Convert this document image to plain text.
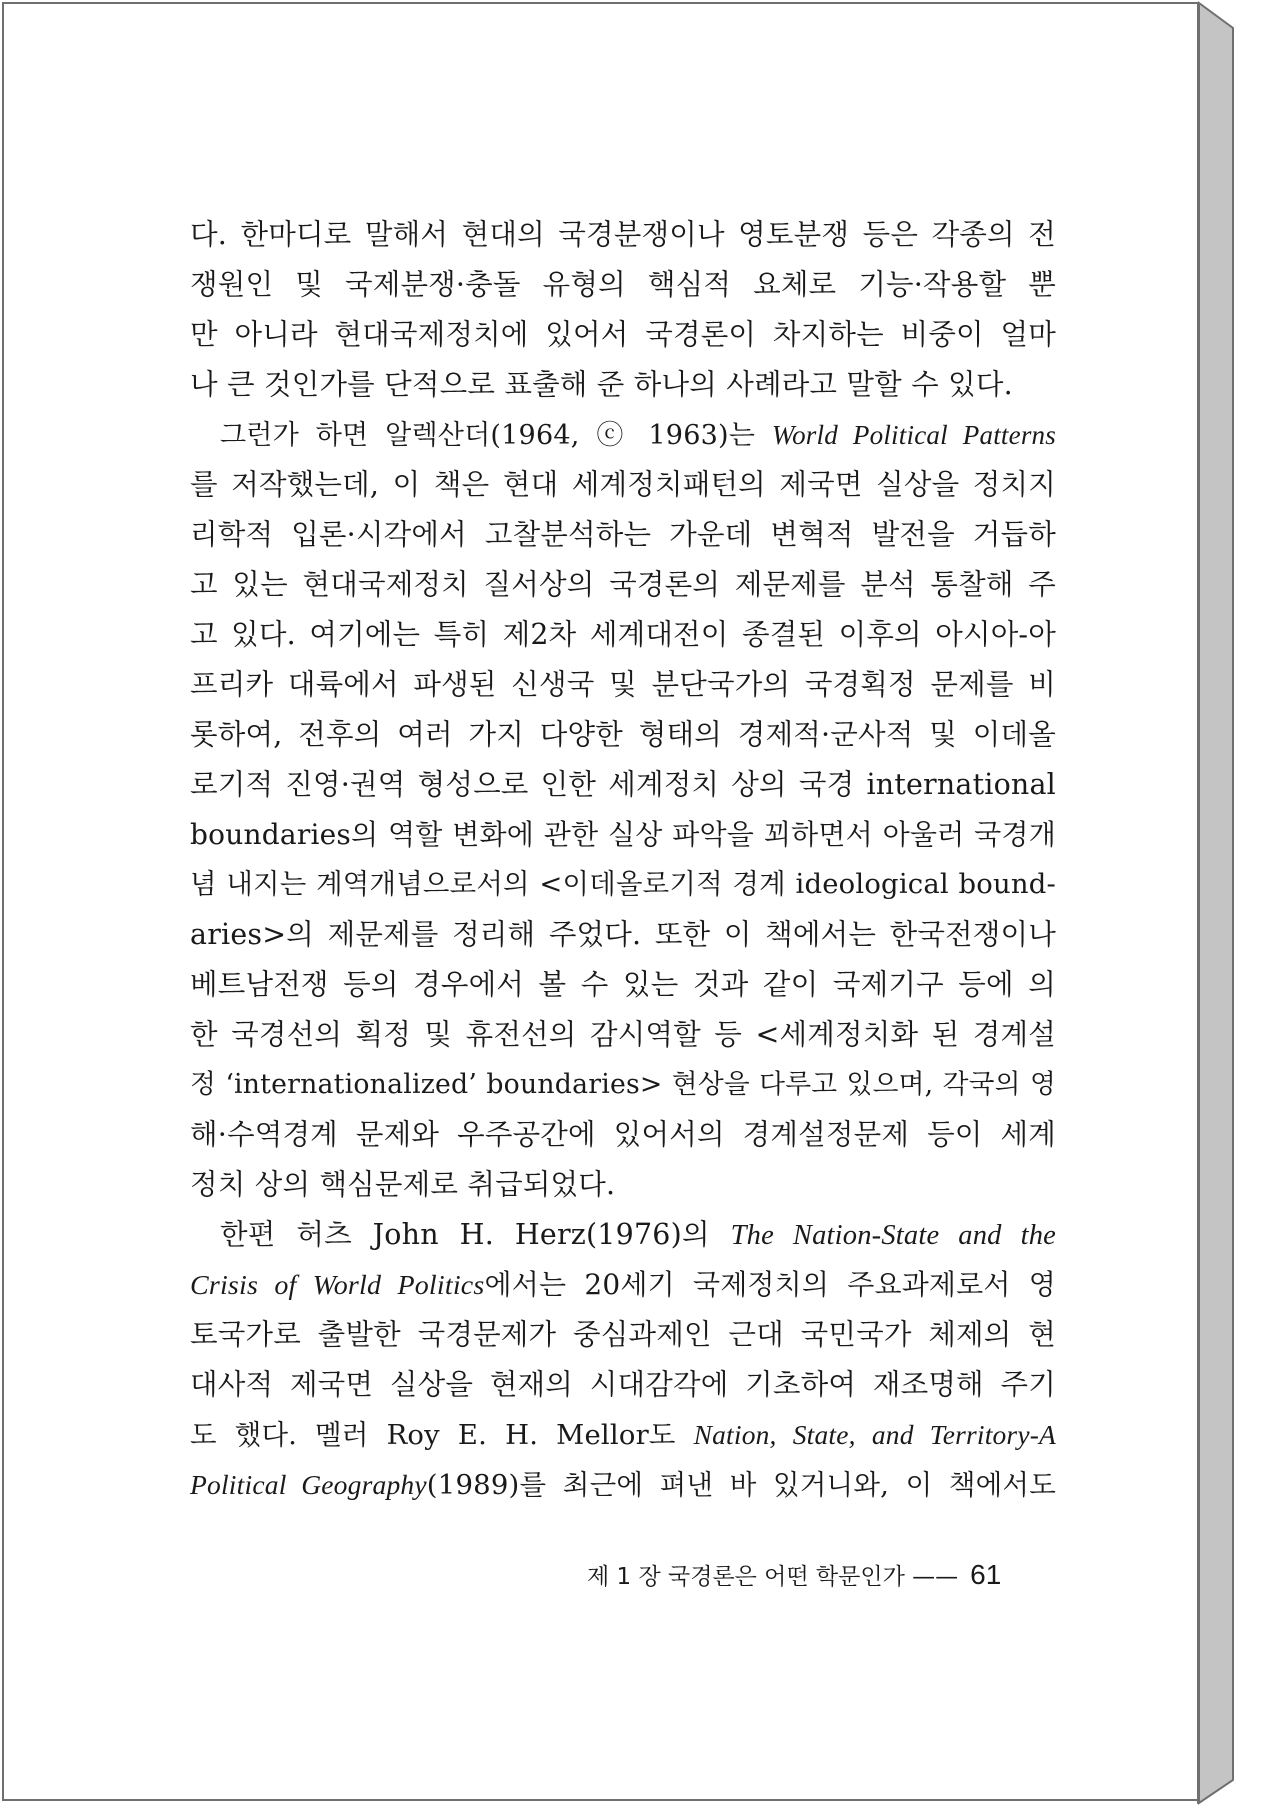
다. 한마디로 말해서 현대의 국경분쟁이나 영토분쟁 등은 각종의 전
쟁원인 및 국제분쟁·충돌 유형의 핵심적 요체로 기능·작용할 뿐
만 아니라 현대국제정치에 있어서 국경론이 차지하는 비중이 얼마
나 큰 것인가를 단적으로 표출해 준 하나의 사례라고 말할 수 있다.
그런가 하면 알렉산더(1964, ⓒ 1963)는 World Political Patterns
를 저작했는데, 이 책은 현대 세계정치패턴의 제국면 실상을 정치지
리학적 입론·시각에서 고찰분석하는 가운데 변혁적 발전을 거듭하
고 있는 현대국제정치 질서상의 국경론의 제문제를 분석 통찰해 주
고 있다. 여기에는 특히 제2차 세계대전이 종결된 이후의 아시아-아
프리카 대륙에서 파생된 신생국 및 분단국가의 국경획정 문제를 비
롯하여, 전후의 여러 가지 다양한 형태의 경제적·군사적 및 이데올
로기적 진영·권역 형성으로 인한 세계정치 상의 국경 international
boundaries의 역할 변화에 관한 실상 파악을 꾀하면서 아울러 국경개
념 내지는 계역개념으로서의 <이데올로기적 경계 ideological bound-
aries>의 제문제를 정리해 주었다. 또한 이 책에서는 한국전쟁이나
베트남전쟁 등의 경우에서 볼 수 있는 것과 같이 국제기구 등에 의
한 국경선의 획정 및 휴전선의 감시역할 등 <세계정치화 된 경계설
정 ‘internationalized’ boundaries> 현상을 다루고 있으며, 각국의 영
해·수역경계 문제와 우주공간에 있어서의 경계설정문제 등이 세계
정치 상의 핵심문제로 취급되었다.
한편 허츠 John H. Herz(1976)의 The Nation-State and the
Crisis of World Politics에서는 20세기 국제정치의 주요과제로서 영
토국가로 출발한 국경문제가 중심과제인 근대 국민국가 체제의 현
대사적 제국면 실상을 현재의 시대감각에 기초하여 재조명해 주기
도 했다. 멜러 Roy E. H. Mellor도 Nation, State, and Territory-A
Political Geography(1989)를 최근에 펴낸 바 있거니와, 이 책에서도
제 1 장 국경론은 어떤 학문인가 —— 61
